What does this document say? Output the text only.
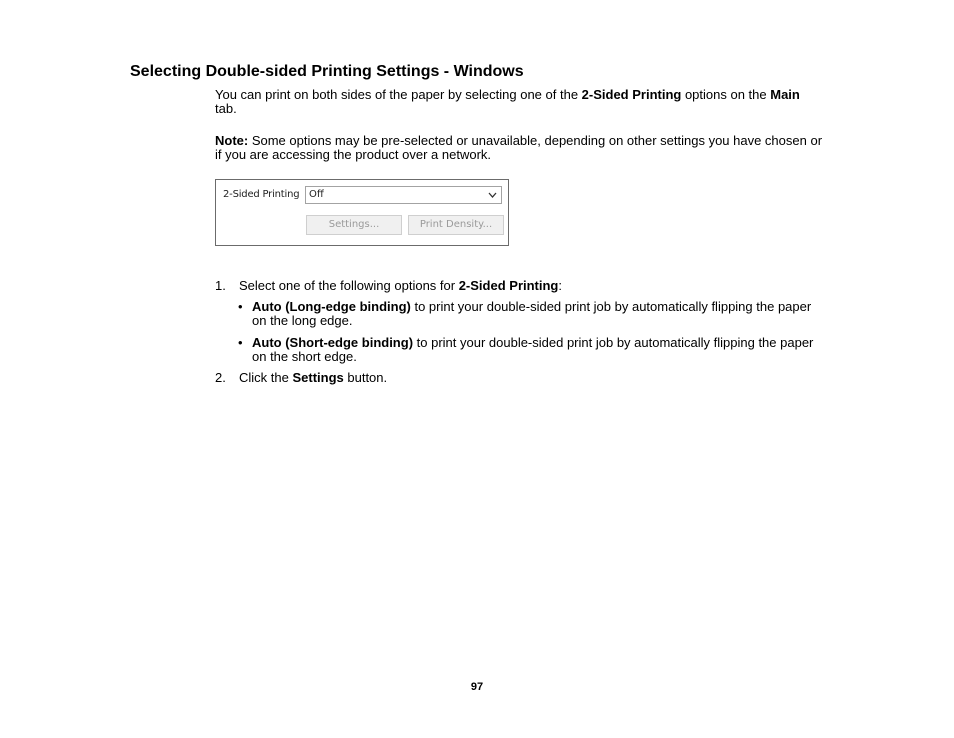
Selecting Double-sided Printing Settings - Windows

You can print on both sides of the paper by selecting one of the 2-Sided Printing options on the Main tab.

Note: Some options may be pre-selected or unavailable, depending on other settings you have chosen or if you are accessing the product over a network.

2-Sided Printing Off
Settings...	Print Density...
1. Select one of the following options for 2-Sided Printing:
• Auto (Long-edge binding) to print your double-sided print job by automatically flipping the paper on the long edge.
• Auto (Short-edge binding) to print your double-sided print job by automatically flipping the paper on the short edge.
2. Click the Settings button.
97
